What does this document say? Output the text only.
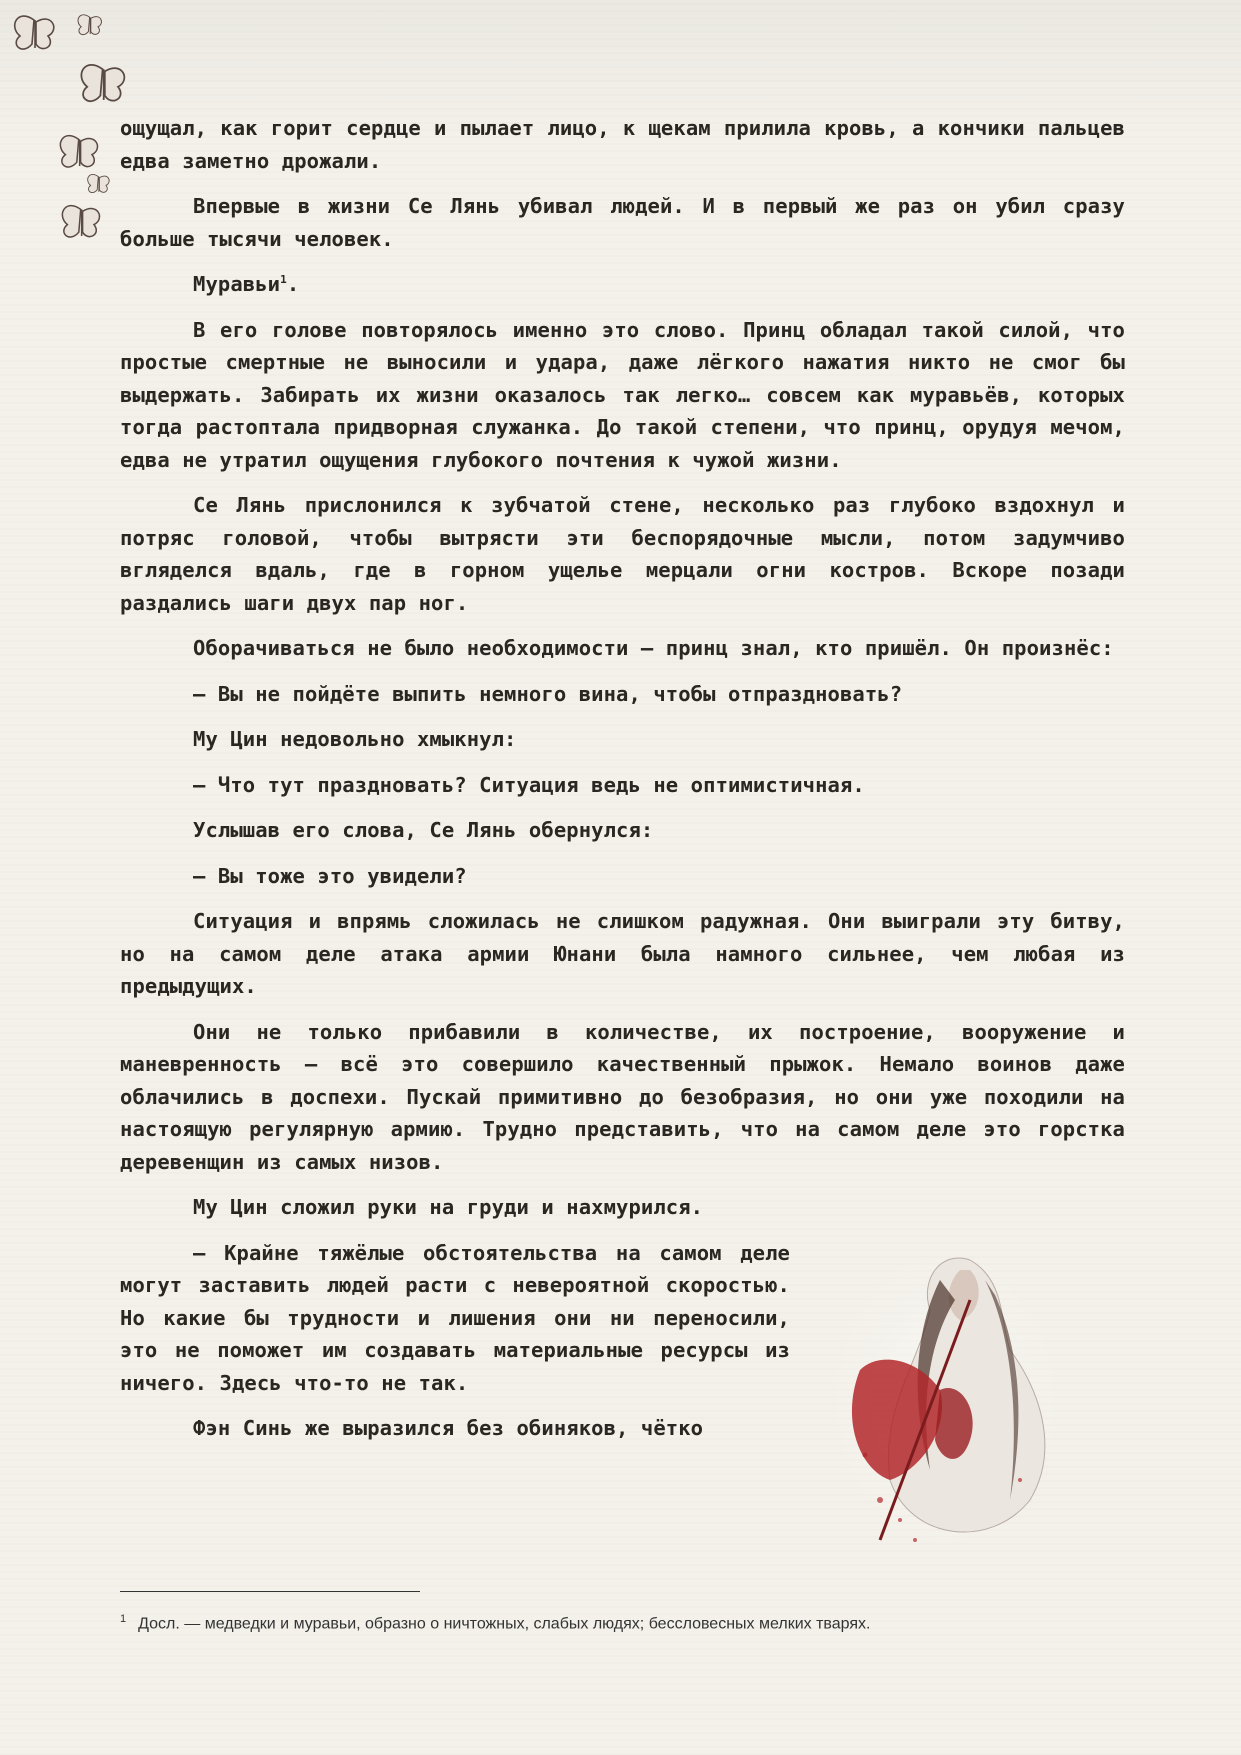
ощущал, как горит сердце и пылает лицо, к щекам прилила кровь, а кончики пальцев едва заметно дрожали.

Впервые в жизни Се Лянь убивал людей. И в первый же раз он убил сразу больше тысячи человек.

Муравьи$^1$.

В его голове повторялось именно это слово. Принц обладал такой силой, что простые смертные не выносили и удара, даже лёгкого нажатия никто не смог бы выдержать. Забирать их жизни оказалось так легко… совсем как муравьёв, которых тогда растоптала придворная служанка. До такой степени, что принц, орудуя мечом, едва не утратил ощущения глубокого почтения к чужой жизни.

Се Лянь прислонился к зубчатой стене, несколько раз глубоко вздохнул и потряс головой, чтобы вытрясти эти беспорядочные мысли, потом задумчиво вгляделся вдаль, где в горном ущелье мерцали огни костров. Вскоре позади раздались шаги двух пар ног.

Оборачиваться не было необходимости — принц знал, кто пришёл. Он произнёс:

— Вы не пойдёте выпить немного вина, чтобы отпраздновать?

Му Цин недовольно хмыкнул:

— Что тут праздновать? Ситуация ведь не оптимистичная.

Услышав его слова, Се Лянь обернулся:

— Вы тоже это увидели?

Ситуация и впрямь сложилась не слишком радужная. Они выиграли эту битву, но на самом деле атака армии Юнани была намного сильнее, чем любая из предыдущих.

Они не только прибавили в количестве, их построение, вооружение и маневренность — всё это совершило качественный прыжок. Немало воинов даже облачились в доспехи. Пускай примитивно до безобразия, но они уже походили на настоящую регулярную армию. Трудно представить, что на самом деле это горстка деревенщин из самых низов.

Му Цин сложил руки на груди и нахмурился.

— Крайне тяжёлые обстоятельства на самом деле могут заставить людей расти с невероятной скоростью. Но какие бы трудности и лишения они ни переносили, это не поможет им создавать материальные ресурсы из ничего. Здесь что-то не так.

Фэн Синь же выразился без обиняков, чётко

$^1$ Досл. — медведки и муравьи, образно о ничтожных, слабых людях; бессловесных мелких тварях.
